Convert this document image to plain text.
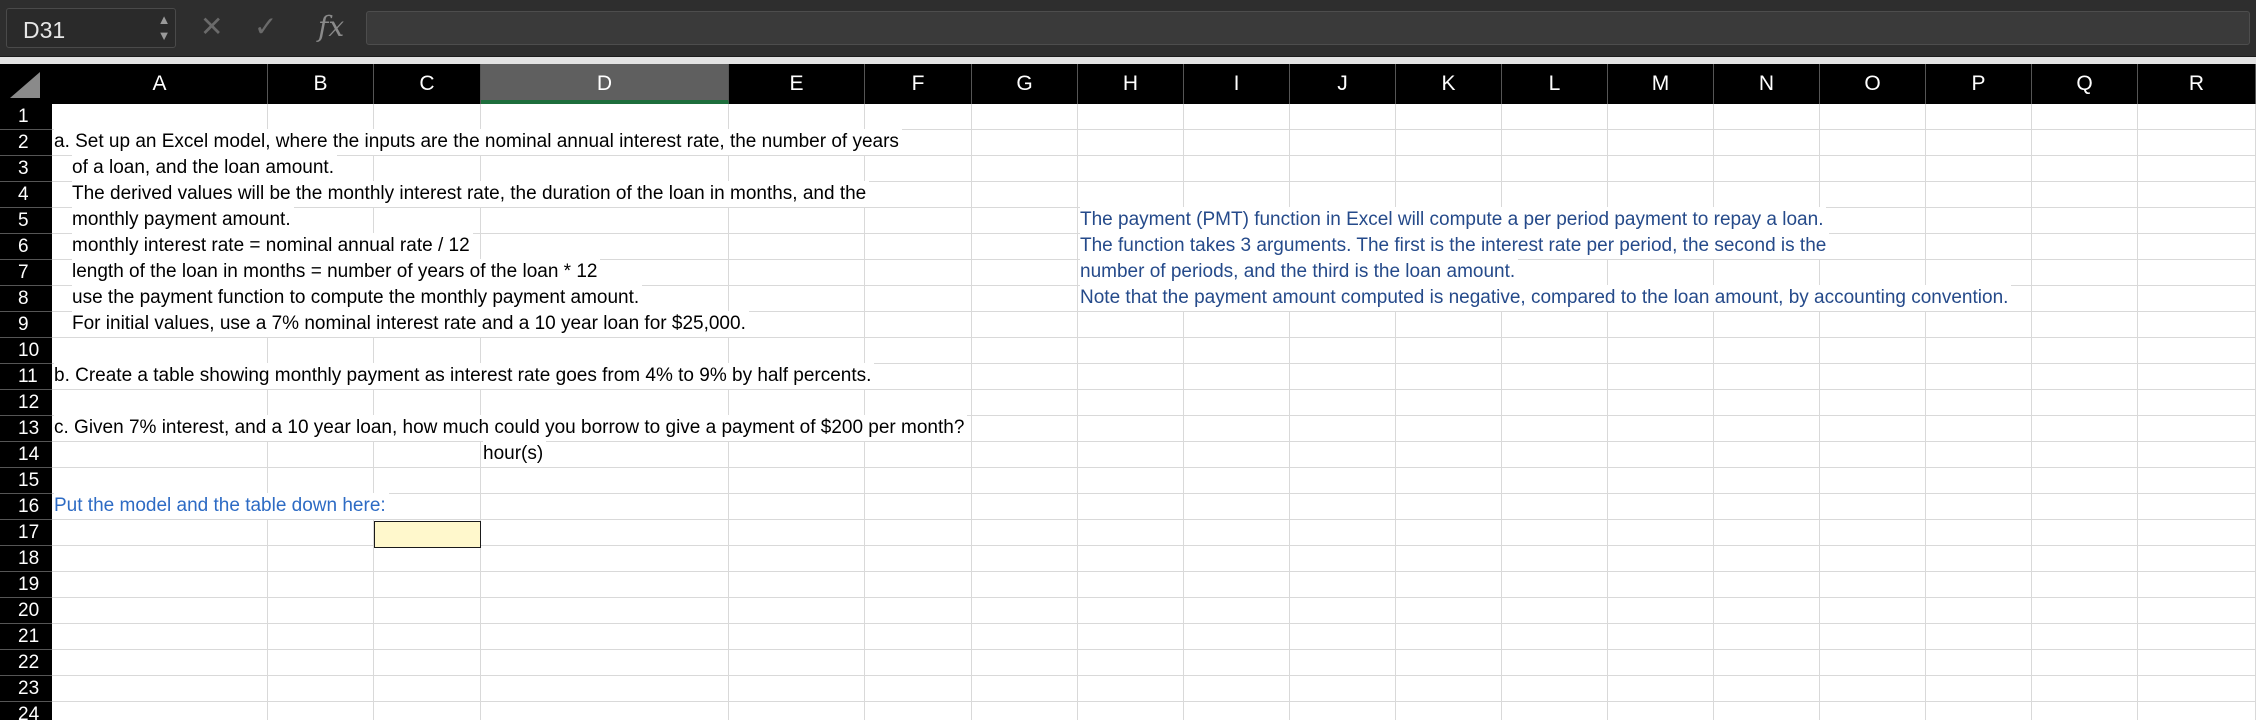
D31	▲
▼ ✕ ✓ fx
A	B	C	D	E	F	G	H	I	J	K	L	M	N	O	P	Q	R
1
2
3
4
5
6
7
8
9
10
11
12
13
14
15
16
17
18
19
20
21
22
23
24
a. Set up an Excel model, where the inputs are the nominal annual interest rate, the number of years
of a loan, and the loan amount.
The derived values will be the monthly interest rate, the duration of the loan in months, and the
monthly payment amount.
monthly interest rate = nominal annual rate / 12
length of the loan in months = number of years of the loan * 12
use the payment function to compute the monthly payment amount.
For initial values, use a 7% nominal interest rate and a 10 year loan for $25,000.
b. Create a table showing monthly payment as interest rate goes from 4% to 9% by half percents.
c. Given 7% interest, and a 10 year loan, how much could you borrow to give a payment of $200 per month?
hour(s)
Put the model and the table down here:
The payment (PMT) function in Excel will compute a per period payment to repay a loan.
The function takes 3 arguments. The first is the interest rate per period, the second is the
number of periods, and the third is the loan amount.
Note that the payment amount computed is negative, compared to the loan amount, by accounting convention.
